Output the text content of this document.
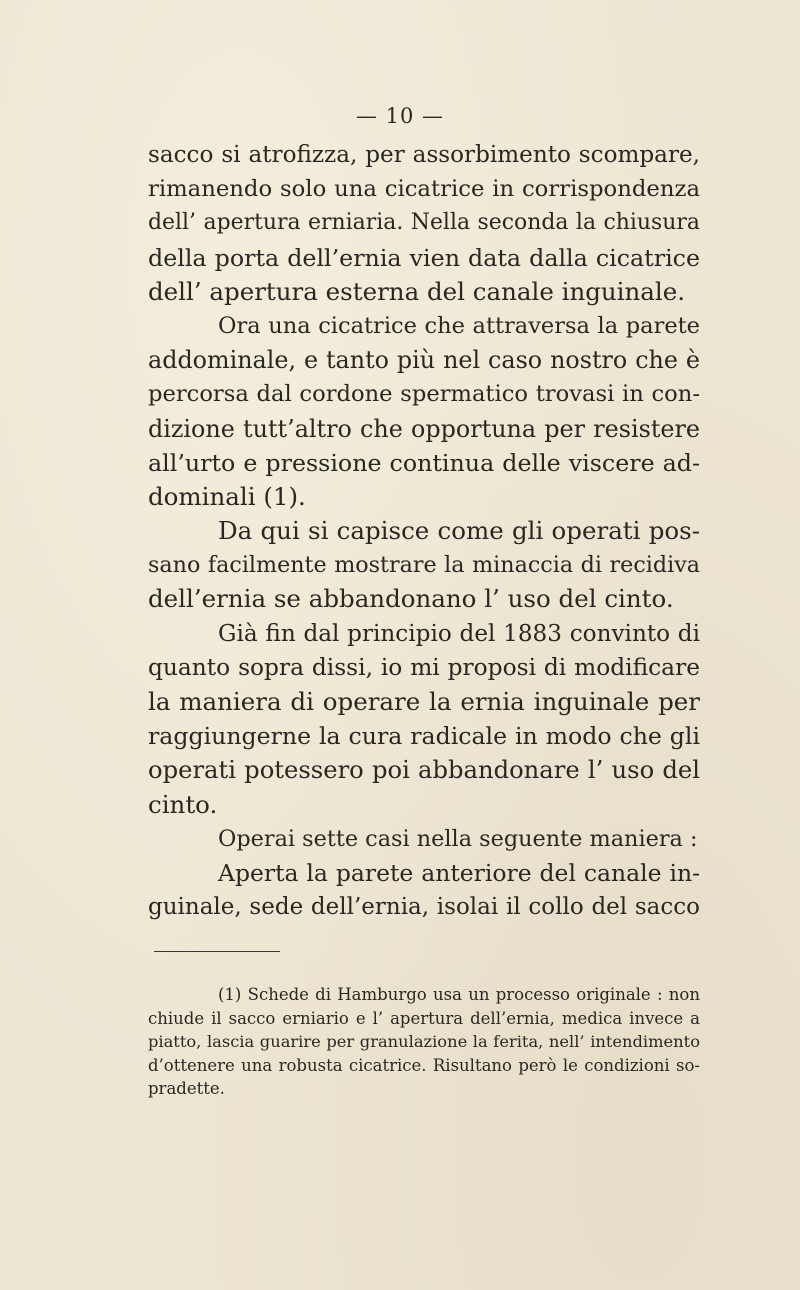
— 10 —
sacco si atrofizza, per assorbimento scompare,
rimanendo solo una cicatrice in corrispondenza
dell’ apertura erniaria. Nella seconda la chiusura
della porta dell’ernia vien data dalla cicatrice
dell’ apertura esterna del canale inguinale.
Ora una cicatrice che attraversa la parete
addominale, e tanto più nel caso nostro che è
percorsa dal cordone spermatico trovasi in con-
dizione tutt’altro che opportuna per resistere
all’urto e pressione continua delle viscere ad-
dominali (1).
Da qui si capisce come gli operati pos-
sano facilmente mostrare la minaccia di recidiva
dell’ernia se abbandonano l’ uso del cinto.
Già fin dal principio del 1883 convinto di
quanto sopra dissi, io mi proposi di modificare
la maniera di operare la ernia inguinale per
raggiungerne la cura radicale in modo che gli
operati potessero poi abbandonare l’ uso del
cinto.
Operai sette casi nella seguente maniera :
Aperta la parete anteriore del canale in-
guinale, sede dell’ernia, isolai il collo del sacco
(1) Schede di Hamburgo usa un processo originale : non
chiude il sacco erniario e l’ apertura dell’ernia, medica invece a
piatto, lascia guarire per granulazione la ferita, nell’ intendimento
d’ottenere una robusta cicatrice. Risultano però le condizioni so-
pradette.
